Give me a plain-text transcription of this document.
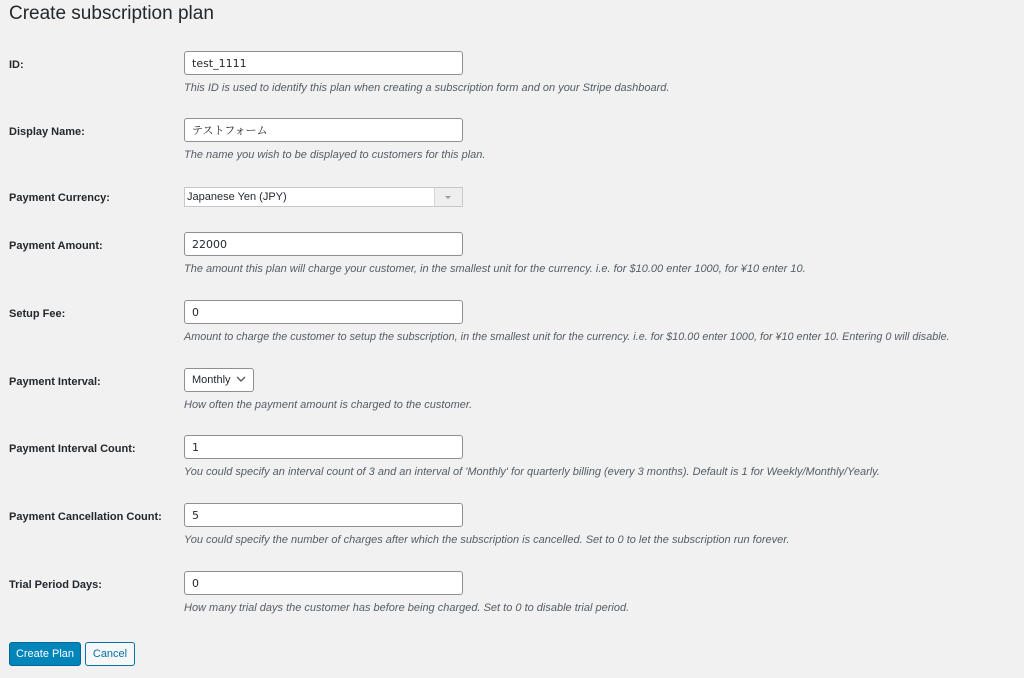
Create subscription plan
ID:
test_1111

This ID is used to identify this plan when creating a subscription form and on your Stripe dashboard.

Display Name:
テストフォーム

The name you wish to be displayed to customers for this plan.

Payment Currency:	Japanese Yen (JPY)
Payment Amount:
22000

The amount this plan will charge your customer, in the smallest unit for the currency. i.e. for $10.00 enter 1000, for ¥10 enter 10.

Setup Fee:
0

Amount to charge the customer to setup the subscription, in the smallest unit for the currency. i.e. for $10.00 enter 1000, for ¥10 enter 10. Entering 0 will disable.

Payment Interval:	Monthly

How often the payment amount is charged to the customer.

Payment Interval Count:
1

You could specify an interval count of 3 and an interval of 'Monthly' for quarterly billing (every 3 months). Default is 1 for Weekly/Monthly/Yearly.

Payment Cancellation Count:
5

You could specify the number of charges after which the subscription is cancelled. Set to 0 to let the subscription run forever.

Trial Period Days:
0

How many trial days the customer has before being charged. Set to 0 to disable trial period.

Create Plan	Cancel
